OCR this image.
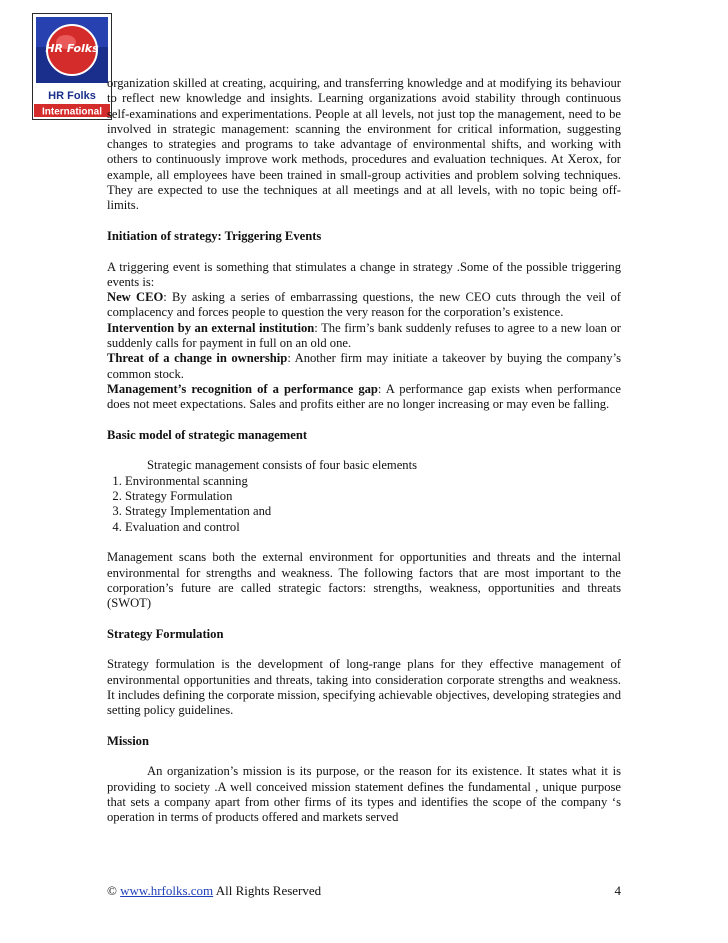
HR Folks
HR Folks
International

organization skilled at creating, acquiring, and transferring knowledge and at modifying its behaviour to reflect new knowledge and insights. Learning organizations avoid stability through continuous self-examinations and experimentations. People at all levels, not just top the management, need to be involved in strategic management: scanning the environment for critical information, suggesting changes to strategies and programs to take advantage of environmental shifts, and working with others to continuously improve work methods, procedures and evaluation techniques. At Xerox, for example, all employees have been trained in small-group activities and problem solving techniques. They are expected to use the techniques at all meetings and at all levels, with no topic being off-limits.

Initiation of strategy: Triggering Events

A triggering event is something that stimulates a change in strategy .Some of the possible triggering events is:

New CEO: By asking a series of embarrassing questions, the new CEO cuts through the veil of complacency and forces people to question the very reason for the corporation’s existence.

Intervention by an external institution: The firm’s bank suddenly refuses to agree to a new loan or suddenly calls for payment in full on an old one.

Threat of a change in ownership: Another firm may initiate a takeover by buying the company’s common stock.

Management’s recognition of a performance gap: A performance gap exists when performance does not meet expectations. Sales and profits either are no longer increasing or may even be falling.

Basic model of strategic management

Strategic management consists of four basic elements

1. Environmental scanning
2. Strategy Formulation
3. Strategy Implementation and
4. Evaluation and control

Management scans both the external environment for opportunities and threats and the internal environmental for strengths and weakness. The following factors that are most important to the corporation’s future are called strategic factors: strengths, weakness, opportunities and threats (SWOT)

Strategy Formulation

Strategy formulation is the development of long-range plans for they effective management of environmental opportunities and threats, taking into consideration corporate strengths and weakness. It includes defining the corporate mission, specifying achievable objectives, developing strategies and setting policy guidelines.

Mission

An organization’s mission is its purpose, or the reason for its existence. It states what it is providing to society .A well conceived mission statement defines the fundamental , unique purpose that sets a company apart from other firms of its types and identifies the scope of the company ‘s operation in terms of products offered and markets served

© www.hrfolks.com All Rights Reserved	4
